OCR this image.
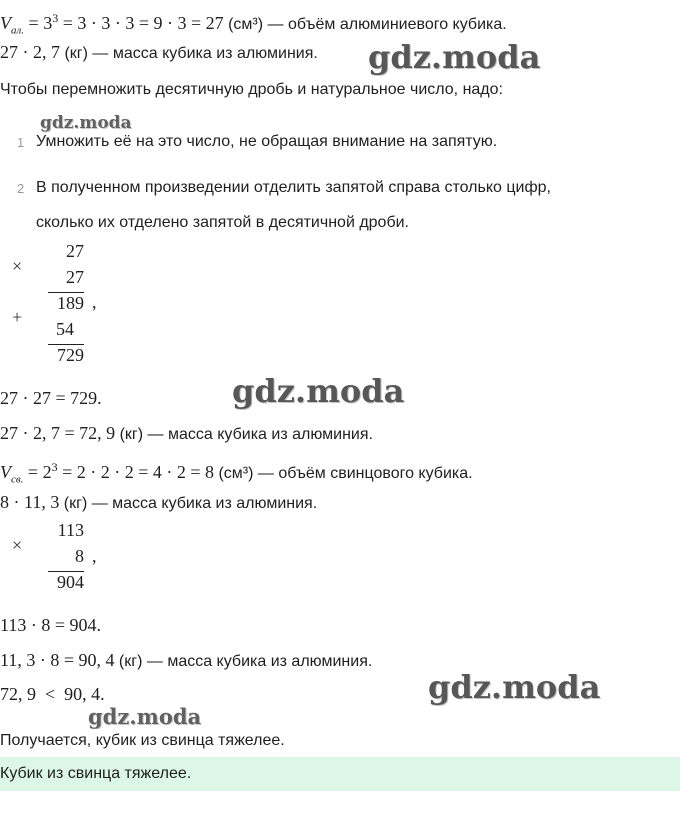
$V_{ал.} = 3^3 = 3 \cdot 3 \cdot 3 = 9 \cdot 3 = 27$ (см³) — объём алюминиевого кубика.
27 · 2, 7 (кг) — масса кубика из алюминия. gdz.moda
Чтобы перемножить десятичную дробь и натуральное число, надо:
gdz.moda
1 Умножить её на это число, не обращая внимание на запятую.
2 В полученном произведении отделить запятой справа столько цифр,
сколько их отделено запятой в десятичной дроби.
×
+
27
27
189
54
729
,
27 · 27 = 729.	gdz.moda
27 · 2, 7 = 72, 9 (кг) — масса кубика из алюминия.
$V_{св.} = 2^3 = 2 \cdot 2 \cdot 2 = 4 \cdot 2 = 8$ (см³) — объём свинцового кубика.
8 · 11, 3 (кг) — масса кубика из алюминия.
×
113
8
904
,
113 · 8 = 904.
11, 3 · 8 = 90, 4 (кг) — масса кубика из алюминия.
72, 9  <  90, 4.	gdz.moda
gdz.moda
Получается, кубик из свинца тяжелее.
Кубик из свинца тяжелее.
